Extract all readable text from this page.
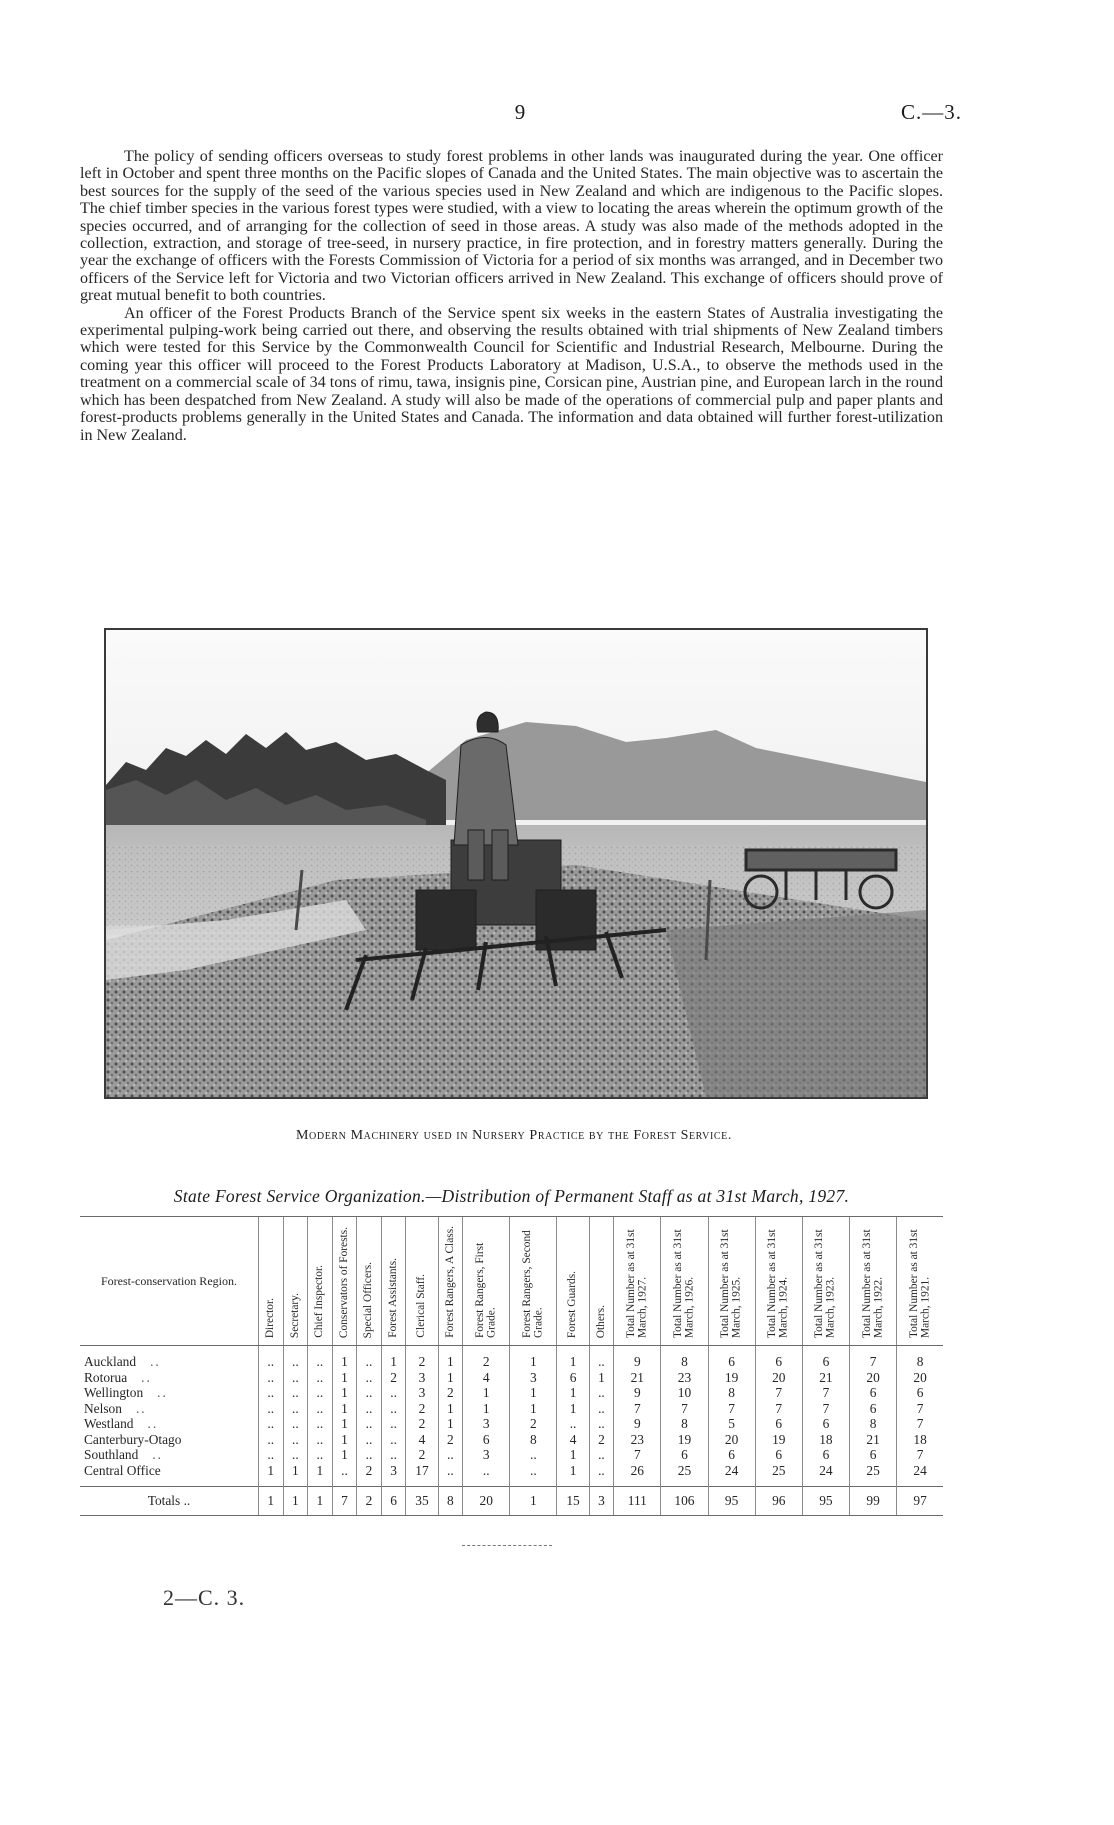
9	C.—3.

The policy of sending officers overseas to study forest problems in other lands was inaugurated during the year. One officer left in October and spent three months on the Pacific slopes of Canada and the United States. The main objective was to ascertain the best sources for the supply of the seed of the various species used in New Zealand and which are indigenous to the Pacific slopes. The chief timber species in the various forest types were studied, with a view to locating the areas wherein the optimum growth of the species occurred, and of arranging for the collection of seed in those areas. A study was also made of the methods adopted in the collection, extraction, and storage of tree-seed, in nursery practice, in fire protection, and in forestry matters generally. During the year the exchange of officers with the Forests Commission of Victoria for a period of six months was arranged, and in December two officers of the Service left for Victoria and two Victorian officers arrived in New Zealand. This exchange of officers should prove of great mutual benefit to both countries.

An officer of the Forest Products Branch of the Service spent six weeks in the eastern States of Australia investigating the experimental pulping-work being carried out there, and observing the results obtained with trial shipments of New Zealand timbers which were tested for this Service by the Commonwealth Council for Scientific and Industrial Research, Melbourne. During the coming year this officer will proceed to the Forest Products Laboratory at Madison, U.S.A., to observe the methods used in the treatment on a commercial scale of 34 tons of rimu, tawa, insignis pine, Corsican pine, Austrian pine, and European larch in the round which has been despatched from New Zealand. A study will also be made of the operations of commercial pulp and paper plants and forest-products problems generally in the United States and Canada. The information and data obtained will further forest-utilization in New Zealand.

Modern Machinery used in Nursery Practice by the Forest Service.
State Forest Service Organization.—Distribution of Permanent Staff as at 31st March, 1927.
Forest-conservation Region.	Director.	Secretary.	Chief Inspector.	Conservators of Forests.	Special Officers.	Forest Assistants.	Clerical Staff.	Forest Rangers, A Class.	Forest Rangers, First Grade.	Forest Rangers, Second Grade.	Forest Guards.	Others.	Total Number as at 31st March, 1927.	Total Number as at 31st March, 1926.	Total Number as at 31st March, 1925.	Total Number as at 31st March, 1924.	Total Number as at 31st March, 1923.	Total Number as at 31st March, 1922.	Total Number as at 31st March, 1921.
Auckland ..	..	..	..	1	..	1	2	1	2	1	1	..	9	8	6	6	6	7	8
Rotorua ..	..	..	..	1	..	2	3	1	4	3	6	1	21	23	19	20	21	20	20
Wellington ..	..	..	..	1	..	..	3	2	1	1	1	..	9	10	8	7	7	6	6
Nelson ..	..	..	..	1	..	..	2	1	1	1	1	..	7	7	7	7	7	6	7
Westland ..	..	..	..	1	..	..	2	1	3	2	..	..	9	8	5	6	6	8	7
Canterbury-Otago	..	..	..	1	..	..	4	2	6	8	4	2	23	19	20	19	18	21	18
Southland ..	..	..	..	1	..	..	2	..	3	..	1	..	7	6	6	6	6	6	7
Central Office	1	1	1	..	2	3	17	..	..	..	1	..	26	25	24	25	24	25	24
Totals ..	1	1	1	7	2	6	35	8	20	1	15	3	111	106	95	96	95	99	97
2—C. 3.
